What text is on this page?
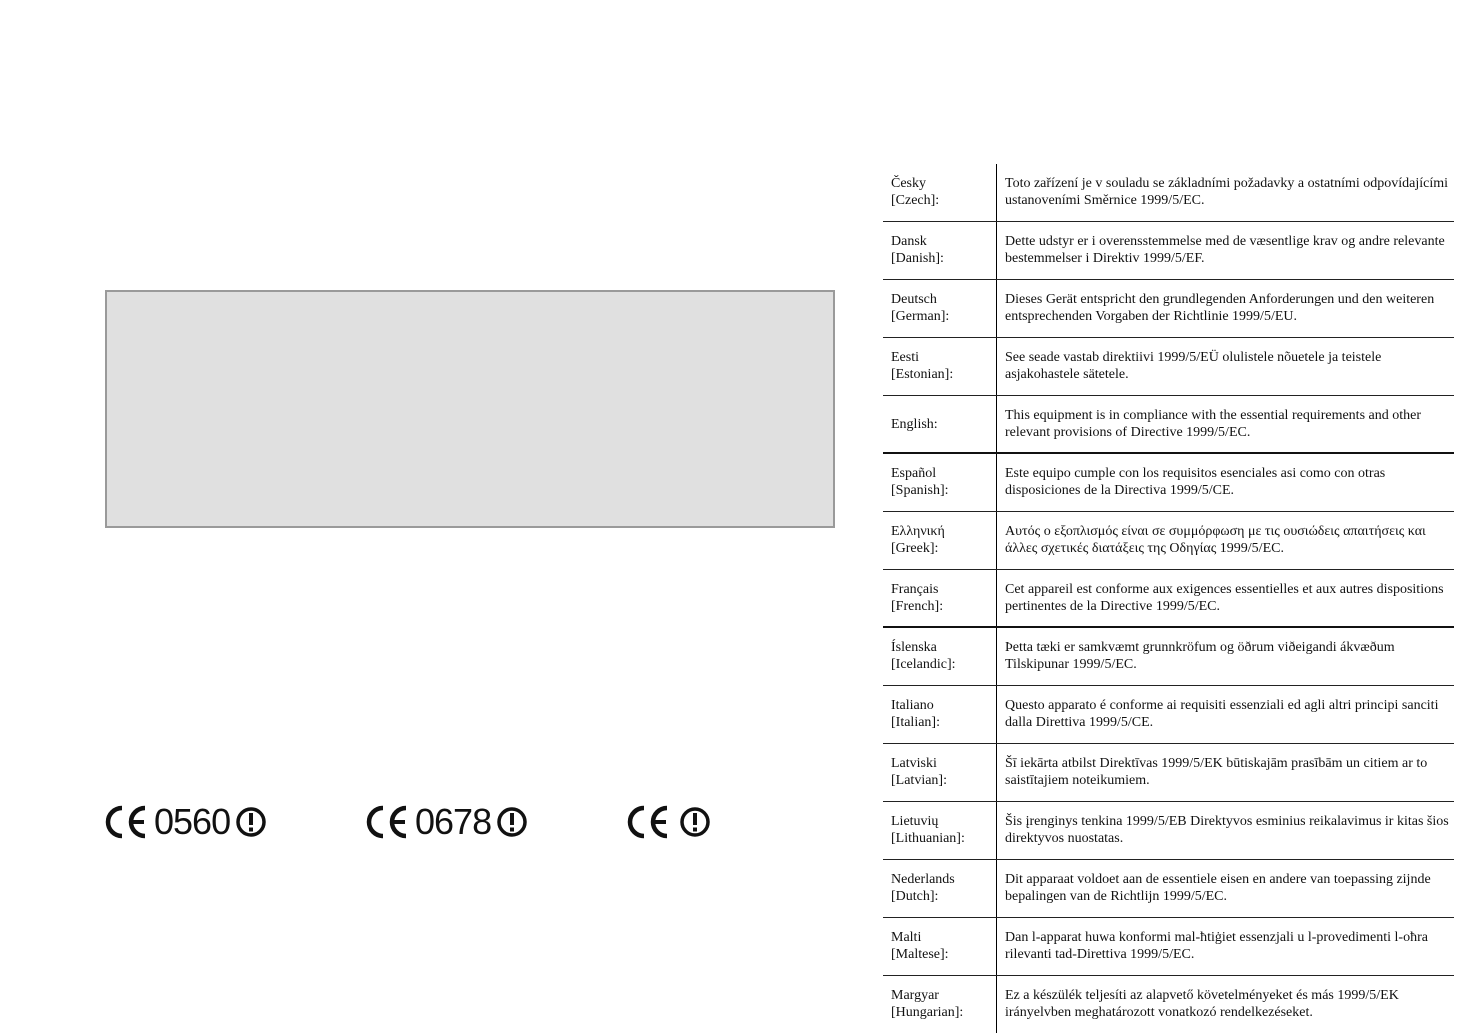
0560	0678
Česky
[Czech]:
Toto zařízení je v souladu se základními požadavky a ostatními odpovídajícími ustanoveními Směrnice 1999/5/EC.
Dansk
[Danish]:
Dette udstyr er i overensstemmelse med de væsentlige krav og andre relevante bestemmelser i Direktiv 1999/5/EF.
Deutsch
[German]:
Dieses Gerät entspricht den grundlegenden Anforderungen und den weiteren entsprechenden Vorgaben der Richtlinie 1999/5/EU.
Eesti
[Estonian]:
See seade vastab direktiivi 1999/5/EÜ olulistele nõuetele ja teistele asjakohastele sätetele.
English:
This equipment is in compliance with the essential requirements and other relevant provisions of Directive 1999/5/EC.
Español
[Spanish]:
Este equipo cumple con los requisitos esenciales asi como con otras disposiciones de la Directiva 1999/5/CE.
Ελληνική
[Greek]:
Αυτός ο εξοπλισμός είναι σε συμμόρφωση με τις ουσιώδεις απαιτήσεις και άλλες σχετικές διατάξεις της Οδηγίας 1999/5/EC.
Français
[French]:
Cet appareil est conforme aux exigences essentielles et aux autres dispositions pertinentes de la Directive 1999/5/EC.
Íslenska
[Icelandic]:
Þetta tæki er samkvæmt grunnkröfum og öðrum viðeigandi ákvæðum Tilskipunar 1999/5/EC.
Italiano
[Italian]:
Questo apparato é conforme ai requisiti essenziali ed agli altri principi sanciti dalla Direttiva 1999/5/CE.
Latviski
[Latvian]:
Šī iekārta atbilst Direktīvas 1999/5/EK būtiskajām prasībām un citiem ar to saistītajiem noteikumiem.
Lietuvių
[Lithuanian]:
Šis įrenginys tenkina 1999/5/EB Direktyvos esminius reikalavimus ir kitas šios direktyvos nuostatas.
Nederlands
[Dutch]:
Dit apparaat voldoet aan de essentiele eisen en andere van toepassing zijnde bepalingen van de Richtlijn 1999/5/EC.
Malti
[Maltese]:
Dan l-apparat huwa konformi mal-ħtiġiet essenzjali u l-provedimenti l-oħra rilevanti tad-Direttiva 1999/5/EC.
Margyar
[Hungarian]:
Ez a készülék teljesíti az alapvető követelményeket és más 1999/5/EK irányelvben meghatározott vonatkozó rendelkezéseket.
